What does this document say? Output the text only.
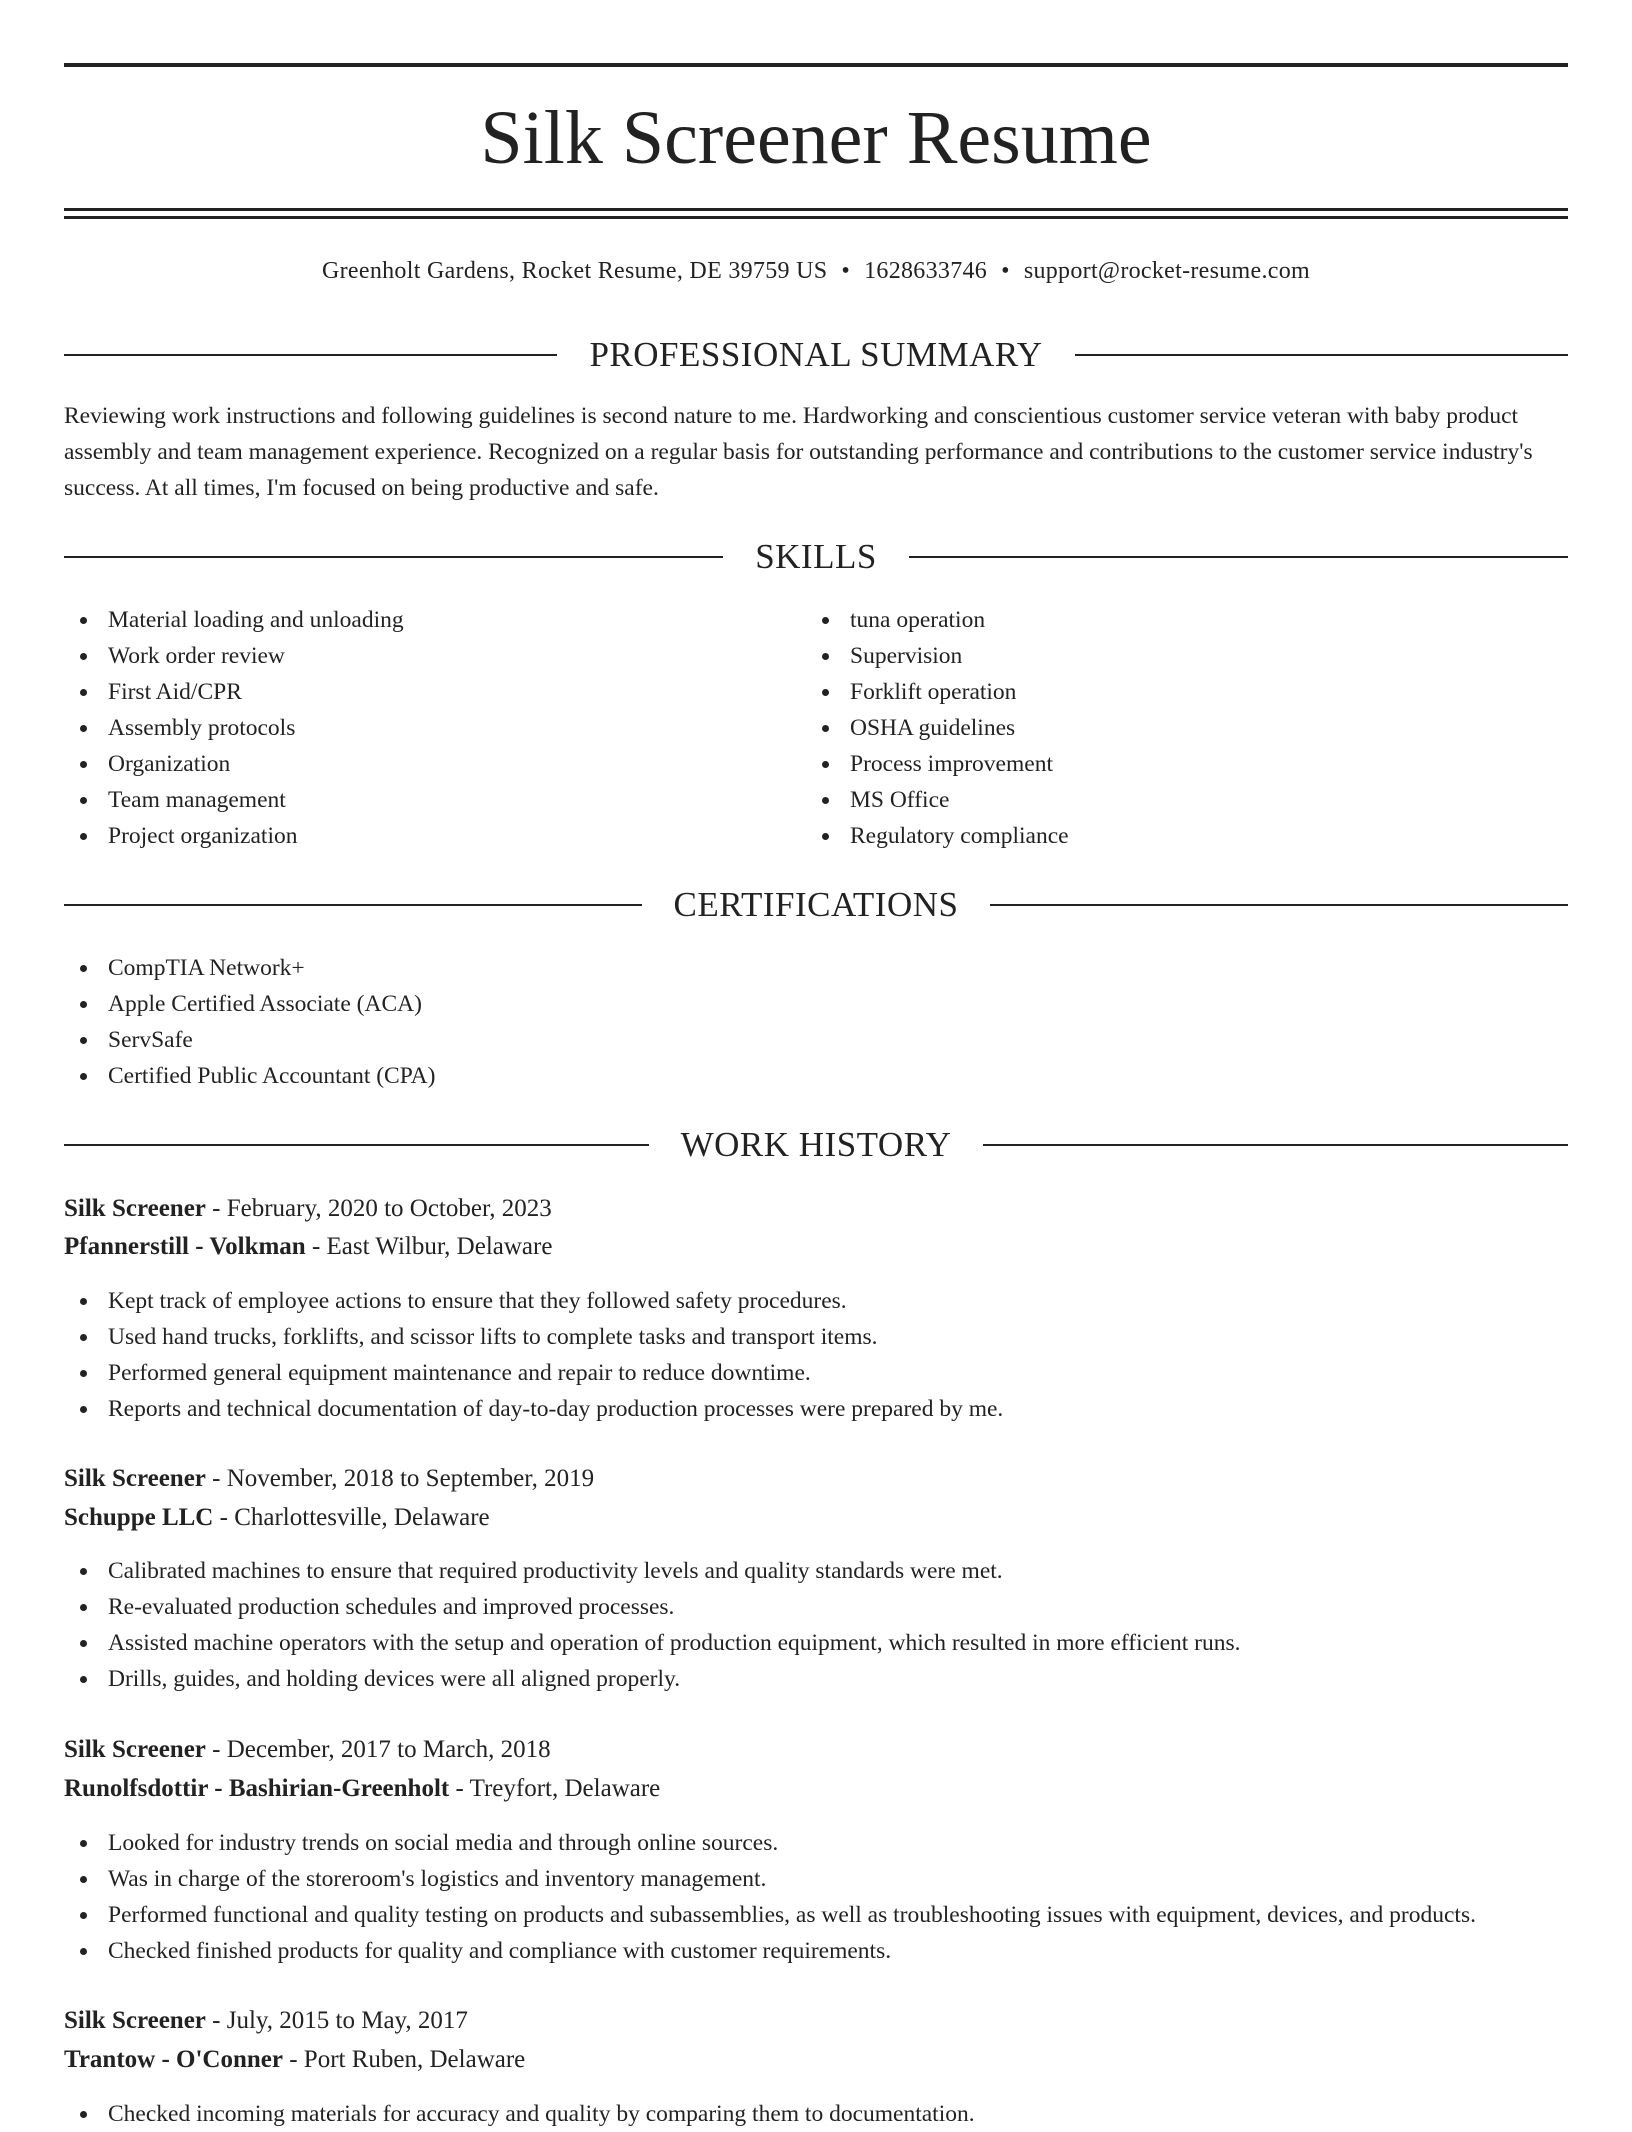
Silk Screener Resume
Greenholt Gardens, Rocket Resume, DE 39759 US • 1628633746 • support@rocket-resume.com
PROFESSIONAL SUMMARY

Reviewing work instructions and following guidelines is second nature to me. Hardworking and conscientious customer service veteran with baby product assembly and team management experience. Recognized on a regular basis for outstanding performance and contributions to the customer service industry's success. At all times, I'm focused on being productive and safe.

SKILLS
Material loading and unloading
Work order review
First Aid/CPR
Assembly protocols
Organization
Team management
Project organization
tuna operation
Supervision
Forklift operation
OSHA guidelines
Process improvement
MS Office
Regulatory compliance
CERTIFICATIONS
CompTIA Network+
Apple Certified Associate (ACA)
ServSafe
Certified Public Accountant (CPA)
WORK HISTORY
Silk Screener - February, 2020 to October, 2023
Pfannerstill - Volkman - East Wilbur, Delaware
Kept track of employee actions to ensure that they followed safety procedures.
Used hand trucks, forklifts, and scissor lifts to complete tasks and transport items.
Performed general equipment maintenance and repair to reduce downtime.
Reports and technical documentation of day-to-day production processes were prepared by me.
Silk Screener - November, 2018 to September, 2019
Schuppe LLC - Charlottesville, Delaware
Calibrated machines to ensure that required productivity levels and quality standards were met.
Re-evaluated production schedules and improved processes.
Assisted machine operators with the setup and operation of production equipment, which resulted in more efficient runs.
Drills, guides, and holding devices were all aligned properly.
Silk Screener - December, 2017 to March, 2018
Runolfsdottir - Bashirian-Greenholt - Treyfort, Delaware
Looked for industry trends on social media and through online sources.
Was in charge of the storeroom's logistics and inventory management.
Performed functional and quality testing on products and subassemblies, as well as troubleshooting issues with equipment, devices, and products.
Checked finished products for quality and compliance with customer requirements.
Silk Screener - July, 2015 to May, 2017
Trantow - O'Conner - Port Ruben, Delaware
Checked incoming materials for accuracy and quality by comparing them to documentation.
